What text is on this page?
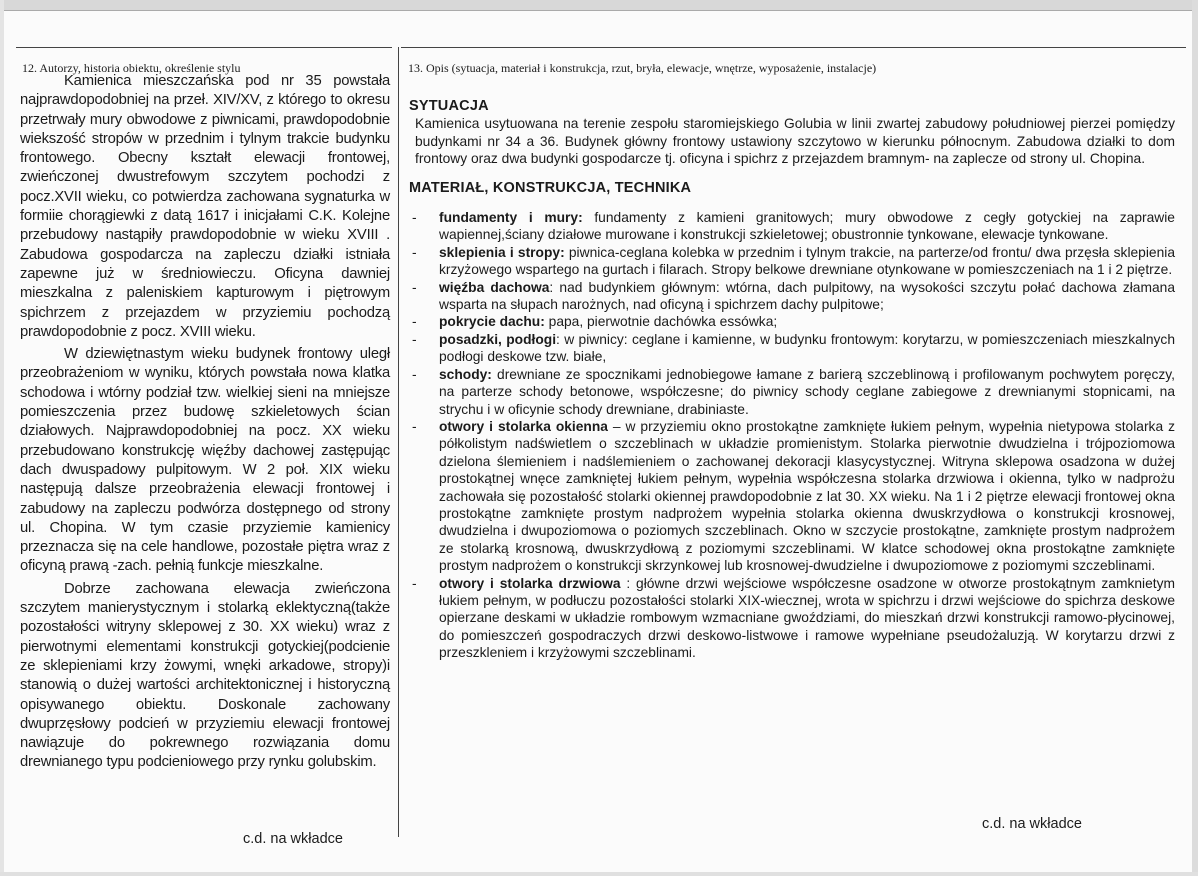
12. Autorzy, historia obiektu, określenie stylu

Kamienica mieszczańska pod nr 35 powstała najprawdopodobniej na przeł. XIV/XV, z którego to okresu przetrwały mury obwodowe z piwnicami, prawdopodobnie wiekszość stropów w przednim i tylnym trakcie budynku frontowego. Obecny kształt elewacji frontowej, zwieńczonej dwustrefowym szczytem pochodzi z pocz.XVII wieku, co potwierdza zachowana sygnaturka w formiie chorągiewki z datą 1617 i inicjałami C.K. Kolejne przebudowy nastąpiły prawdopodobnie w wieku XVIII . Zabudowa gospodarcza na zapleczu działki istniała zapewne już w średniowieczu. Oficyna dawniej mieszkalna z paleniskiem kapturowym i piętrowym spichrzem z przejazdem w przyziemiu pochodzą prawdopodobnie z pocz. XVIII wieku.

W dziewiętnastym wieku budynek frontowy uległ przeobrażeniom w wyniku, których powstała nowa klatka schodowa i wtórny podział tzw. wielkiej sieni na mniejsze pomieszczenia przez budowę szkieletowych ścian działowych. Najprawdopodobniej na pocz. XX wieku przebudowano konstrukcję więźby dachowej zastępując dach dwuspadowy pulpitowym. W 2 poł. XIX wieku następują dalsze przeobrażenia elewacji frontowej i zabudowy na zapleczu podwórza dostępnego od strony ul. Chopina. W tym czasie przyziemie kamienicy przeznacza się na cele handlowe, pozostałe piętra wraz z oficyną prawą -zach. pełnią funkcje mieszkalne.

Dobrze zachowana elewacja zwieńczona szczytem manierystycznym i stolarką eklektyczną(także pozostałości witryny sklepowej z 30. XX wieku) wraz z pierwotnymi elementami konstrukcji gotyckiej(podcienie ze sklepieniami krzy żowymi, wnęki arkadowe, stropy)i stanowią o dużej wartości architektonicznej i historyczną opisywanego obiektu. Doskonale zachowany dwuprzęsłowy podcień w przyziemiu elewacji frontowej nawiązuje do pokrewnego rozwiązania domu drewnianego typu podcieniowego przy rynku golubskim.

c.d. na wkładce
13. Opis (sytuacja, materiał i konstrukcja, rzut, bryła, elewacje, wnętrze, wyposażenie, instalacje)

SYTUACJA

Kamienica usytuowana na terenie zespołu staromiejskiego Golubia w linii zwartej zabudowy południowej pierzei pomiędzy budynkami nr 34 a 36. Budynek główny frontowy ustawiony szczytowo w kierunku północnym. Zabudowa działki to dom frontowy oraz dwa budynki gospodarcze tj. oficyna i spichrz z przejazdem bramnym- na zaplecze od strony ul. Chopina.

MATERIAŁ, KONSTRUKCJA, TECHNIKA

- fundamenty i mury: fundamenty z kamieni granitowych; mury obwodowe z cegły gotyckiej na zaprawie wapiennej,ściany działowe murowane i konstrukcji szkieletowej; obustronnie tynkowane, elewacje tynkowane.
- sklepienia i stropy: piwnica-ceglana kolebka w przednim i tylnym trakcie, na parterze/od frontu/ dwa przęsła sklepienia krzyżowego wspartego na gurtach i filarach. Stropy belkowe drewniane otynkowane w pomieszczeniach na 1 i 2 piętrze.
- więźba dachowa: nad budynkiem głównym: wtórna, dach pulpitowy, na wysokości szczytu połać dachowa złamana wsparta na słupach narożnych, nad oficyną i spichrzem dachy pulpitowe;
- pokrycie dachu: papa, pierwotnie dachówka essówka;
- posadzki, podłogi: w piwnicy: ceglane i kamienne, w budynku frontowym: korytarzu, w pomieszczeniach mieszkalnych podłogi deskowe tzw. białe,
- schody: drewniane ze spocznikami jednobiegowe łamane z barierą szczeblinową i profilowanym pochwytem poręczy, na parterze schody betonowe, współczesne; do piwnicy schody ceglane zabiegowe z drewnianymi stopnicami, na strychu i w oficynie schody drewniane, drabiniaste.
- otwory i stolarka okienna – w przyziemiu okno prostokątne zamknięte łukiem pełnym, wypełnia nietypowa stolarka z półkolistym nadświetlem o szczeblinach w układzie promienistym. Stolarka pierwotnie dwudzielna i trójpoziomowa dzielona ślemieniem i nadślemieniem o zachowanej dekoracji klasycystycznej. Witryna sklepowa osadzona w dużej prostokątnej wnęce zamkniętej łukiem pełnym, wypełnia współczesna stolarka drzwiowa i okienna, tylko w nadprożu zachowała się pozostałość stolarki okiennej prawdopodobnie z lat 30. XX wieku. Na 1 i 2 piętrze elewacji frontowej okna prostokątne zamknięte prostym nadprożem wypełnia stolarka okienna dwuskrzydłowa o konstrukcji krosnowej, dwudzielna i dwupoziomowa o poziomych szczeblinach. Okno w szczycie prostokątne, zamknięte prostym nadprożem ze stolarką krosnową, dwuskrzydłową z poziomymi szczeblinami. W klatce schodowej okna prostokątne zamknięte prostym nadprożem o konstrukcji skrzynkowej lub krosnowej-dwudzielne i dwupoziomowe z poziomymi szczeblinami.
- otwory i stolarka drzwiowa : główne drzwi wejściowe współczesne osadzone w otworze prostokątnym zamknietym łukiem pełnym, w podłuczu pozostałości stolarki XIX-wiecznej, wrota w spichrzu i drzwi wejściowe do spichrza deskowe opierzane deskami w układzie rombowym wzmacniane gwoździami, do mieszkań drzwi konstrukcji ramowo-płycinowej, do pomieszczeń gospodraczych drzwi deskowo-listwowe i ramowe wypełniane pseudożaluzją. W korytarzu drzwi z przeszkleniem i krzyżowymi szczeblinami.
c.d. na wkładce
